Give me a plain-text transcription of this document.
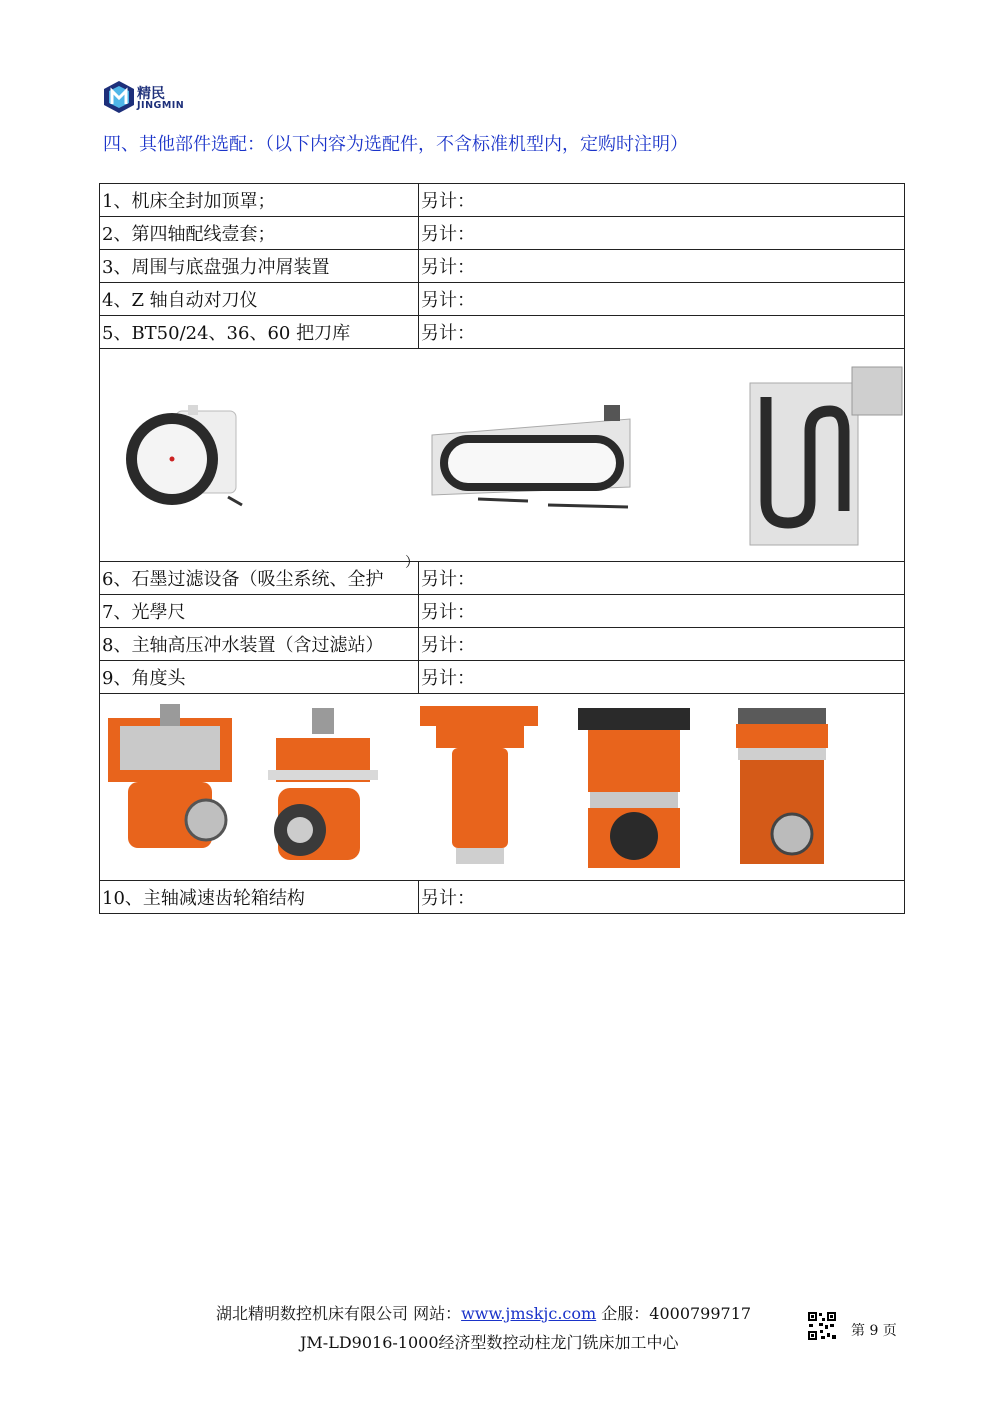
精民
JINGMIN
四、其他部件选配：（以下内容为选配件，不含标准机型内，定购时注明）
1、机床全封加顶罩；	另计：
2、第四轴配线壹套；	另计：
3、周围与底盘强力冲屑装置	另计：
4、Z 轴自动对刀仪	另计：
5、BT50/24、36、60 把刀库	另计：

6、石墨过滤设备（吸尘系统、全护	另计：
7、光學尺	另计：
8、主轴高压冲水装置（含过滤站）	另计：
9、角度头	另计：

10、主轴减速齿轮箱结构	另计：
）
湖北精明数控机床有限公司 网站：www.jmskjc.com 企服：4000799717
JM-LD9016-1000经济型数控动柱龙门铣床加工中心
第 9 页
